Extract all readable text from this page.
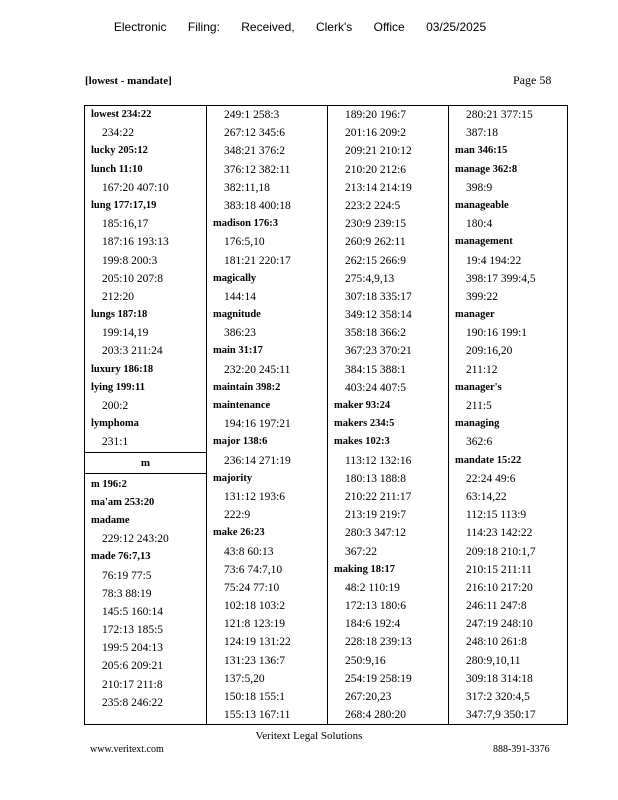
Electronic Filing: Received, Clerk's Office 03/25/2025
[lowest - mandate]	Page 58
lowest 234:22
234:22
lucky 205:12
lunch 11:10
167:20 407:10
lung 177:17,19
185:16,17
187:16 193:13
199:8 200:3
205:10 207:8
212:20
lungs 187:18
199:14,19
203:3 211:24
luxury 186:18
lying 199:11
200:2
lymphoma
231:1
m
m 196:2
ma'am 253:20
madame
229:12 243:20
made 76:7,13
76:19 77:5
78:3 88:19
145:5 160:14
172:13 185:5
199:5 204:13
205:6 209:21
210:17 211:8
235:8 246:22
249:1 258:3
267:12 345:6
348:21 376:2
376:12 382:11
382:11,18
383:18 400:18
madison 176:3
176:5,10
181:21 220:17
magically
144:14
magnitude
386:23
main 31:17
232:20 245:11
maintain 398:2
maintenance
194:16 197:21
major 138:6
236:14 271:19
majority
131:12 193:6
222:9
make 26:23
43:8 60:13
73:6 74:7,10
75:24 77:10
102:18 103:2
121:8 123:19
124:19 131:22
131:23 136:7
137:5,20
150:18 155:1
155:13 167:11
189:20 196:7
201:16 209:2
209:21 210:12
210:20 212:6
213:14 214:19
223:2 224:5
230:9 239:15
260:9 262:11
262:15 266:9
275:4,9,13
307:18 335:17
349:12 358:14
358:18 366:2
367:23 370:21
384:15 388:1
403:24 407:5
maker 93:24
makers 234:5
makes 102:3
113:12 132:16
180:13 188:8
210:22 211:17
213:19 219:7
280:3 347:12
367:22
making 18:17
48:2 110:19
172:13 180:6
184:6 192:4
228:18 239:13
250:9,16
254:19 258:19
267:20,23
268:4 280:20
280:21 377:15
387:18
man 346:15
manage 362:8
398:9
manageable
180:4
management
19:4 194:22
398:17 399:4,5
399:22
manager
190:16 199:1
209:16,20
211:12
manager's
211:5
managing
362:6
mandate 15:22
22:24 49:6
63:14,22
112:15 113:9
114:23 142:22
209:18 210:1,7
210:15 211:11
216:10 217:20
246:11 247:8
247:19 248:10
248:10 261:8
280:9,10,11
309:18 314:18
317:2 320:4,5
347:7,9 350:17
Veritext Legal Solutions
www.veritext.com	888-391-3376
